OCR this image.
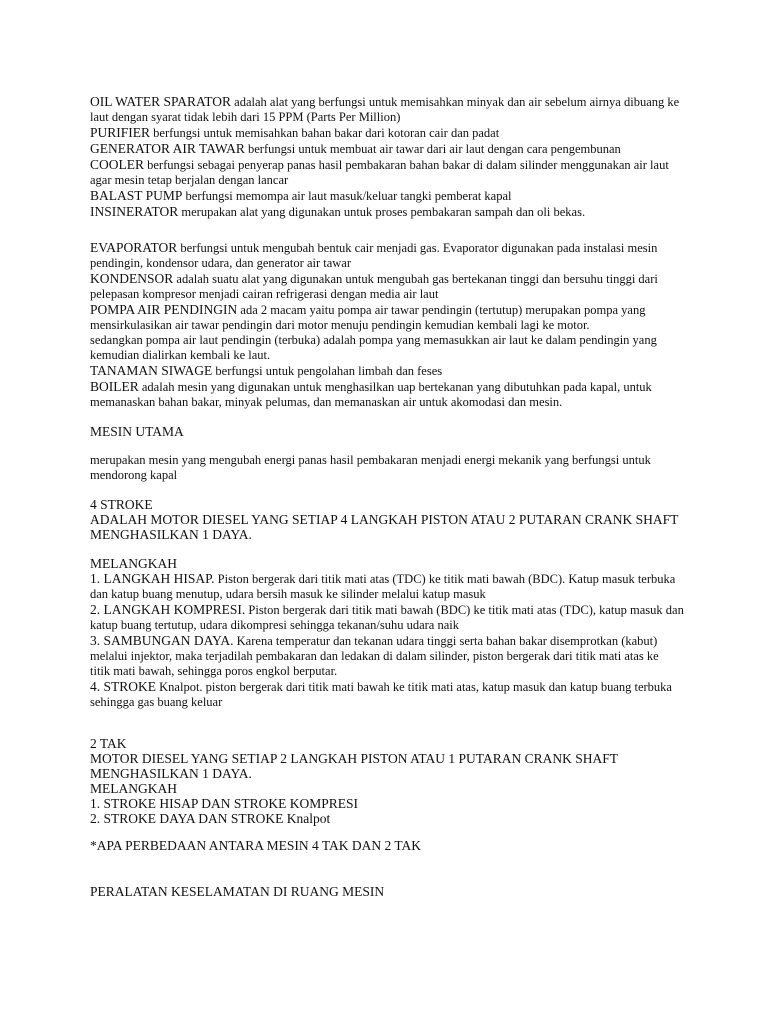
OIL WATER SPARATOR adalah alat yang berfungsi untuk memisahkan minyak dan air sebelum airnya dibuang ke
laut dengan syarat tidak lebih dari 15 PPM (Parts Per Million)
PURIFIER berfungsi untuk memisahkan bahan bakar dari kotoran cair dan padat
GENERATOR AIR TAWAR berfungsi untuk membuat air tawar dari air laut dengan cara pengembunan
COOLER berfungsi sebagai penyerap panas hasil pembakaran bahan bakar di dalam silinder menggunakan air laut
agar mesin tetap berjalan dengan lancar
BALAST PUMP berfungsi memompa air laut masuk/keluar tangki pemberat kapal
INSINERATOR merupakan alat yang digunakan untuk proses pembakaran sampah dan oli bekas.
EVAPORATOR berfungsi untuk mengubah bentuk cair menjadi gas. Evaporator digunakan pada instalasi mesin
pendingin, kondensor udara, dan generator air tawar
KONDENSOR adalah suatu alat yang digunakan untuk mengubah gas bertekanan tinggi dan bersuhu tinggi dari
pelepasan kompresor menjadi cairan refrigerasi dengan media air laut
POMPA AIR PENDINGIN ada 2 macam yaitu pompa air tawar pendingin (tertutup) merupakan pompa yang
mensirkulasikan air tawar pendingin dari motor menuju pendingin kemudian kembali lagi ke motor.
sedangkan pompa air laut pendingin (terbuka) adalah pompa yang memasukkan air laut ke dalam pendingin yang
kemudian dialirkan kembali ke laut.
TANAMAN SIWAGE berfungsi untuk pengolahan limbah dan feses
BOILER adalah mesin yang digunakan untuk menghasilkan uap bertekanan yang dibutuhkan pada kapal, untuk
memanaskan bahan bakar, minyak pelumas, dan memanaskan air untuk akomodasi dan mesin.
MESIN UTAMA
merupakan mesin yang mengubah energi panas hasil pembakaran menjadi energi mekanik yang berfungsi untuk
mendorong kapal
4 STROKE
ADALAH MOTOR DIESEL YANG SETIAP 4 LANGKAH PISTON ATAU 2 PUTARAN CRANK SHAFT
MENGHASILKAN 1 DAYA.
MELANGKAH
1. LANGKAH HISAP. Piston bergerak dari titik mati atas (TDC) ke titik mati bawah (BDC). Katup masuk terbuka
dan katup buang menutup, udara bersih masuk ke silinder melalui katup masuk
2. LANGKAH KOMPRESI. Piston bergerak dari titik mati bawah (BDC) ke titik mati atas (TDC), katup masuk dan
katup buang tertutup, udara dikompresi sehingga tekanan/suhu udara naik
3. SAMBUNGAN DAYA. Karena temperatur dan tekanan udara tinggi serta bahan bakar disemprotkan (kabut)
melalui injektor, maka terjadilah pembakaran dan ledakan di dalam silinder, piston bergerak dari titik mati atas ke
titik mati bawah, sehingga poros engkol berputar.
4. STROKE Knalpot. piston bergerak dari titik mati bawah ke titik mati atas, katup masuk dan katup buang terbuka
sehingga gas buang keluar
2 TAK
MOTOR DIESEL YANG SETIAP 2 LANGKAH PISTON ATAU 1 PUTARAN CRANK SHAFT
MENGHASILKAN 1 DAYA.
MELANGKAH
1. STROKE HISAP DAN STROKE KOMPRESI
2. STROKE DAYA DAN STROKE Knalpot
*APA PERBEDAAN ANTARA MESIN 4 TAK DAN 2 TAK
PERALATAN KESELAMATAN DI RUANG MESIN
